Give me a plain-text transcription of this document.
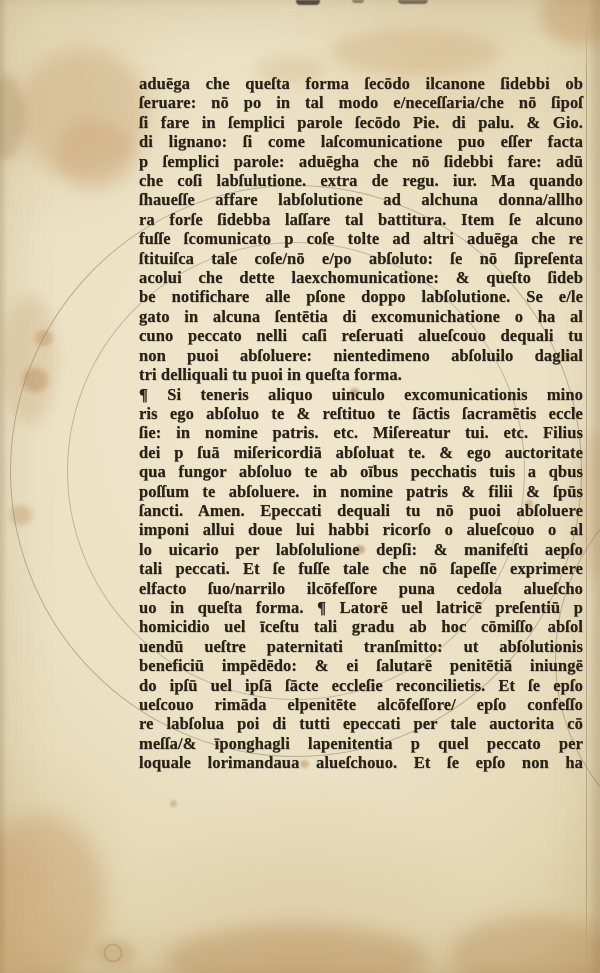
aduēga che queſta forma ſecōdo ilcanone ſidebbi ob
ſeruare: nō po in tal modo e/neceſſaria/che nō ſipoſ
ſi fare in ſemplici parole ſecōdo Pie. di palu. & Gio.
di lignano: ſi come laſcomunicatione puo eſſer facta
p ſemplici parole: aduēgha che nō ſidebbi fare: adū
che coſi labſulutione. extra de regu. iur. Ma quando
ſhaueſſe affare labſolutione ad alchuna donna/allho
ra forſe ſidebba laſſare tal battitura. Item ſe alcuno
fuſſe ſcomunicato p coſe tolte ad altri aduēga che re
ſtituiſca tale coſe/nō e/po abſoluto: ſe nō ſipreſenta
acolui che dette laexchomunicatione: & queſto ſideb
be notifichare alle pſone doppo labſolutione. Se e/le
gato in alcuna ſentētia di excomunichatione o ha al
cuno peccato nelli caſi reſeruati alueſcouo dequali tu
non puoi abſoluere: nientedimeno abſoluilo daglial
tri delliquali tu puoi in queſta forma.
¶ Si teneris aliquo uinculo excomunicationis mino
ris ego abſoluo te & reſtituo te ſāctis ſacramētis eccle
ſie: in nomine patris. etc. Miſereatur tui. etc. Filius
dei p ſuā miſericordiā abſoluat te. & ego auctoritate
qua fungor abſoluo te ab oībus pecchatis tuis a qbus
poſſum te abſoluere. in nomine patris & filii & ſpūs
ſancti. Amen. Epeccati dequali tu nō puoi abſoluere
imponi allui doue lui habbi ricorſo o alueſcouo o al
lo uicario per labſolulione depſi: & manifeſti aepſo
tali peccati. Et ſe fuſſe tale che nō ſapeſſe exprimere
elfacto ſuo/narrilo ilcōfeſſore puna cedola alueſcho
uo in queſta forma. ¶ Latorē uel latricē preſentiū p
homicidio uel īceſtu tali gradu ab hoc cōmiſſo abſol
uendū ueſtre paternitati tranſmitto: ut abſolutionis
beneficiū impēdēdo: & ei ſalutarē penitētiā iniungē
do ipſū uel ipſā ſācte eccleſie reconcilietis. Et ſe epſo
ueſcouo rimāda elpenitēte alcōfeſſore/ epſo confeſſo
re labſolua poi di tutti epeccati per tale auctorita cō
meſſa/& īponghagli lapenitentia p quel peccato per
loquale lorimandaua alueſchouo. Et ſe epſo non ha
